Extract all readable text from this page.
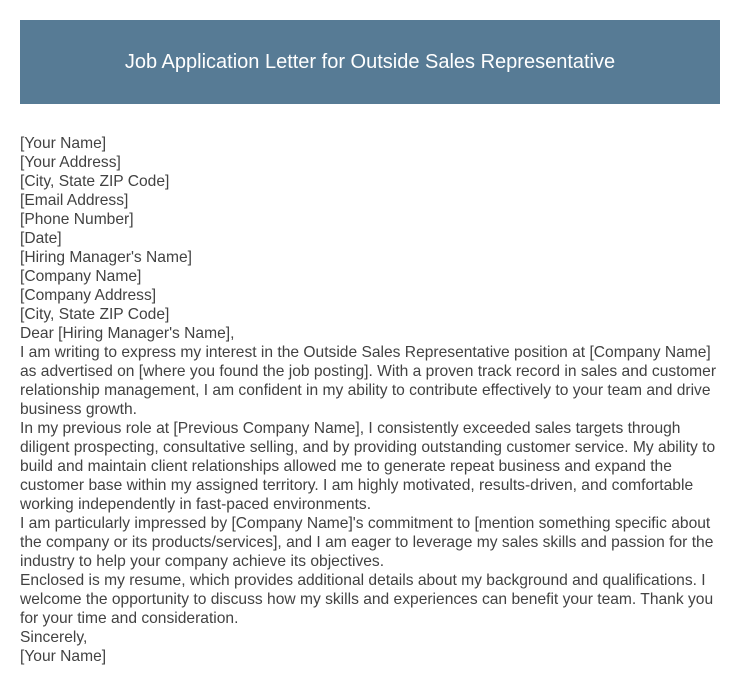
Job Application Letter for Outside Sales Representative
[Your Name]
[Your Address]
[City, State ZIP Code]
[Email Address]
[Phone Number]
[Date]
[Hiring Manager's Name]
[Company Name]
[Company Address]
[City, State ZIP Code]
Dear [Hiring Manager's Name],
I am writing to express my interest in the Outside Sales Representative position at [Company Name] as advertised on [where you found the job posting]. With a proven track record in sales and customer relationship management, I am confident in my ability to contribute effectively to your team and drive business growth.
In my previous role at [Previous Company Name], I consistently exceeded sales targets through diligent prospecting, consultative selling, and by providing outstanding customer service. My ability to build and maintain client relationships allowed me to generate repeat business and expand the customer base within my assigned territory. I am highly motivated, results-driven, and comfortable working independently in fast-paced environments.
I am particularly impressed by [Company Name]'s commitment to [mention something specific about the company or its products/services], and I am eager to leverage my sales skills and passion for the industry to help your company achieve its objectives.
Enclosed is my resume, which provides additional details about my background and qualifications. I welcome the opportunity to discuss how my skills and experiences can benefit your team. Thank you for your time and consideration.
Sincerely,
[Your Name]
